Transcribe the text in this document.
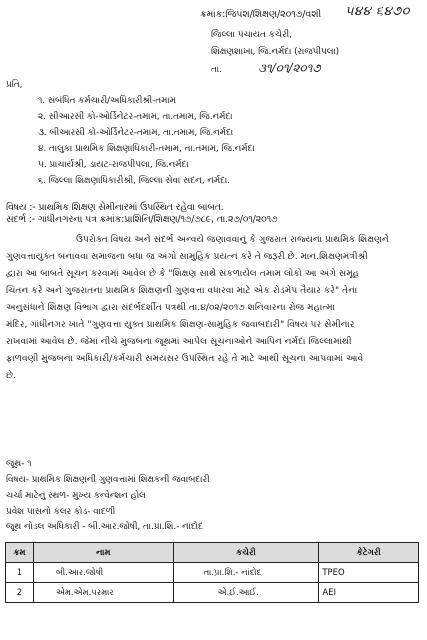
ક્રમાંક:જિપંશ/શિક્ષણ/૨૦૧૭/વશી ૫૪૪ ૬૪૭૦
જિલ્લા પંચાયત કચેરી,
શિક્ષણશાખા, જિ.નર્મદા (રાજપીપલા)
તા.	૩૧/૦૧/૨૦૧૭
પ્રતિ,
૧. સંબંધિત કર્મચારી/અધિકારીશ્રી-તમામ
૨. સીઆરસી કો-ઓર્ડિનેટર-તમામ, તા.તમામ, જિ.નર્મદા
૩. બીઆરસી કો-ઓર્ડિનેટર-તમામ, તા.તમામ, જિ.નર્મદા
૪. તાલુકા પ્રાથમિક શિક્ષણાધિકારી-તમામ, તા.તમામ, જિ.નર્મદા
૫. પ્રાચાર્યશ્રી, ડાયટ-રાજપીપલા, જિ.નર્મદા
૬. જિલ્લા શિક્ષણાધિકારીશ્રી, જિલ્લા સેવા સદન, નર્મદા.
વિષય :- પ્રાથમિક શિક્ષણ સેમીનારમાં ઉપસ્થિત રહેવા બાબત.
સંદર્ભ :- ગાંધીનગરના પત્ર ક્રમાંક:પ્રાશિનિ/શિક્ષણ/૧૭/૭૮૯, તા.૨૭/૦૧/૨૦૧૭
ઉપરોક્ત વિષય અને સંદર્ભ અન્વયે જણાવવાનું કે ગુજરાત રાજ્યના પ્રાથમિક શિક્ષણને
ગુણવત્તાયુક્ત બનાવવા સમાજના બધા જ અંગો સામુહિક પ્રયત્ન કરે તે જરૂરી છે. માન.શિક્ષણમંત્રીશ્રી
દ્વારા આ બાબતે સૂચન કરવામાં આવેલ છે કે "શિક્ષણ સાથે સંકળાયેલ તમામ લોકો આ અંગે સમૂહ
ચિંતન કરે અને ગુજરાતના પ્રાથમિક શિક્ષણની ગુણવત્તા વધારવા માટે એક રોડમેપ તૈયાર કરે" તેના
અનુસંધાને શિક્ષણ વિભાગ દ્વારા સંદર્ભદર્શીત પત્રથી તા.૪/૦૨/૨૦૧૭ શનિવારના રોજ મહાત્મા
મંદિર, ગાંધીનગર ખાતે "ગુણવત્તા યુક્ત પ્રાથમિક શિક્ષણ-સામુહિક જવાબદારી" વિષય પર સેમીનાર
રાખવામાં આવેલ છે. જેમાં નીચે મુજબના જૂથમાં આપેલ સૂચનાઓને આપિન નર્મદા જિલ્લામાંથી
ફાળવણી મુજબના અધિકારી/કર્મચારી સમયસર ઉપસ્થિત રહે તે માટે આથી સૂચના આપવામાં આવે
છે.
જૂથ- ૧
વિષય- પ્રાથમિક શિક્ષણની ગુણવત્તામાં શિક્ષકની જવાબદારી
ચર્ચા માટેનું સ્થળ- મુખ્ય કન્વેન્શન હોલ
પ્રવેશ પાસનો કલર કોડ- વાદળી
જૂથ નોડલ અધિકારી - બી.આર.જોષી, તા.પ્રા.શિ.- નાંદોદ
ક્રમ	નામ	કચેરી	કેટેગરી
1	બી.આર.જોષી	તા.પ્રા.શિ.- નાંદોદ	TPEO
2	એમ.એમ.પરમાર	એ.ઈ.આઈ.	AEI
